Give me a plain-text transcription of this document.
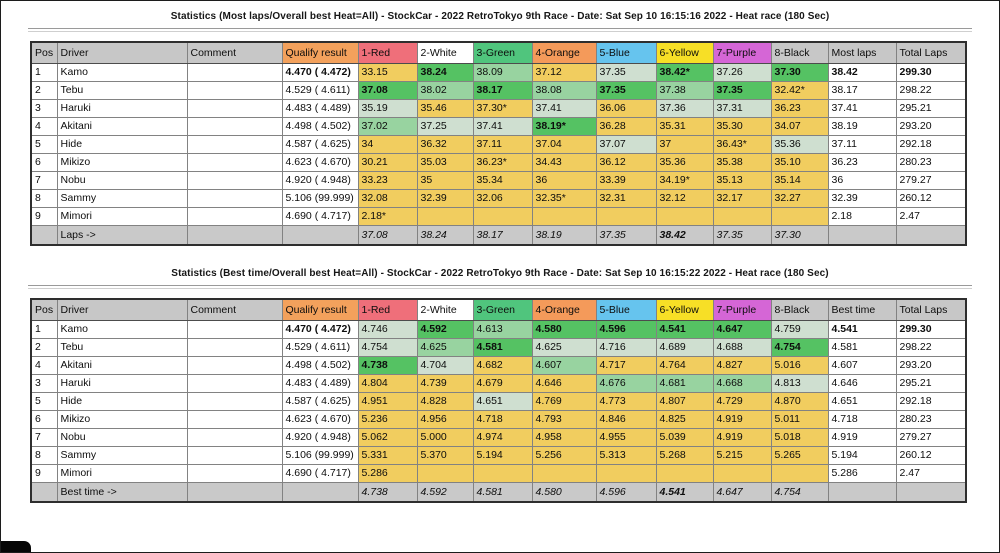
Statistics (Most laps/Overall best Heat=All) - StockCar - 2022 RetroTokyo 9th Race - Date: Sat Sep 10 16:15:16 2022 - Heat race (180 Sec)
Pos	Driver	Comment	Qualify result	1-Red	2-White	3-Green	4-Orange	5-Blue	6-Yellow	7-Purple	8-Black	Most laps	Total Laps
1	Kamo		4.470 ( 4.472)	33.15	38.24	38.09	37.12	37.35	38.42*	37.26	37.30	38.42	299.30
2	Tebu		4.529 ( 4.611)	37.08	38.02	38.17	38.08	37.35	37.38	37.35	32.42*	38.17	298.22
3	Haruki		4.483 ( 4.489)	35.19	35.46	37.30*	37.41	36.06	37.36	37.31	36.23	37.41	295.21
4	Akitani		4.498 ( 4.502)	37.02	37.25	37.41	38.19*	36.28	35.31	35.30	34.07	38.19	293.20
5	Hide		4.587 ( 4.625)	34	36.32	37.11	37.04	37.07	37	36.43*	35.36	37.11	292.18
6	Mikizo		4.623 ( 4.670)	30.21	35.03	36.23*	34.43	36.12	35.36	35.38	35.10	36.23	280.23
7	Nobu		4.920 ( 4.948)	33.23	35	35.34	36	33.39	34.19*	35.13	35.14	36	279.27
8	Sammy		5.106 (99.999)	32.08	32.39	32.06	32.35*	32.31	32.12	32.17	32.27	32.39	260.12
9	Mimori		4.690 ( 4.717)	2.18*								2.18	2.47
	Laps ->			37.08	38.24	38.17	38.19	37.35	38.42	37.35	37.30		
Statistics (Best time/Overall best Heat=All) - StockCar - 2022 RetroTokyo 9th Race - Date: Sat Sep 10 16:15:22 2022 - Heat race (180 Sec)
Pos	Driver	Comment	Qualify result	1-Red	2-White	3-Green	4-Orange	5-Blue	6-Yellow	7-Purple	8-Black	Best time	Total Laps
1	Kamo		4.470 ( 4.472)	4.746	4.592	4.613	4.580	4.596	4.541	4.647	4.759	4.541	299.30
2	Tebu		4.529 ( 4.611)	4.754	4.625	4.581	4.625	4.716	4.689	4.688	4.754	4.581	298.22
4	Akitani		4.498 ( 4.502)	4.738	4.704	4.682	4.607	4.717	4.764	4.827	5.016	4.607	293.20
3	Haruki		4.483 ( 4.489)	4.804	4.739	4.679	4.646	4.676	4.681	4.668	4.813	4.646	295.21
5	Hide		4.587 ( 4.625)	4.951	4.828	4.651	4.769	4.773	4.807	4.729	4.870	4.651	292.18
6	Mikizo		4.623 ( 4.670)	5.236	4.956	4.718	4.793	4.846	4.825	4.919	5.011	4.718	280.23
7	Nobu		4.920 ( 4.948)	5.062	5.000	4.974	4.958	4.955	5.039	4.919	5.018	4.919	279.27
8	Sammy		5.106 (99.999)	5.331	5.370	5.194	5.256	5.313	5.268	5.215	5.265	5.194	260.12
9	Mimori		4.690 ( 4.717)	5.286								5.286	2.47
	Best time ->			4.738	4.592	4.581	4.580	4.596	4.541	4.647	4.754		
